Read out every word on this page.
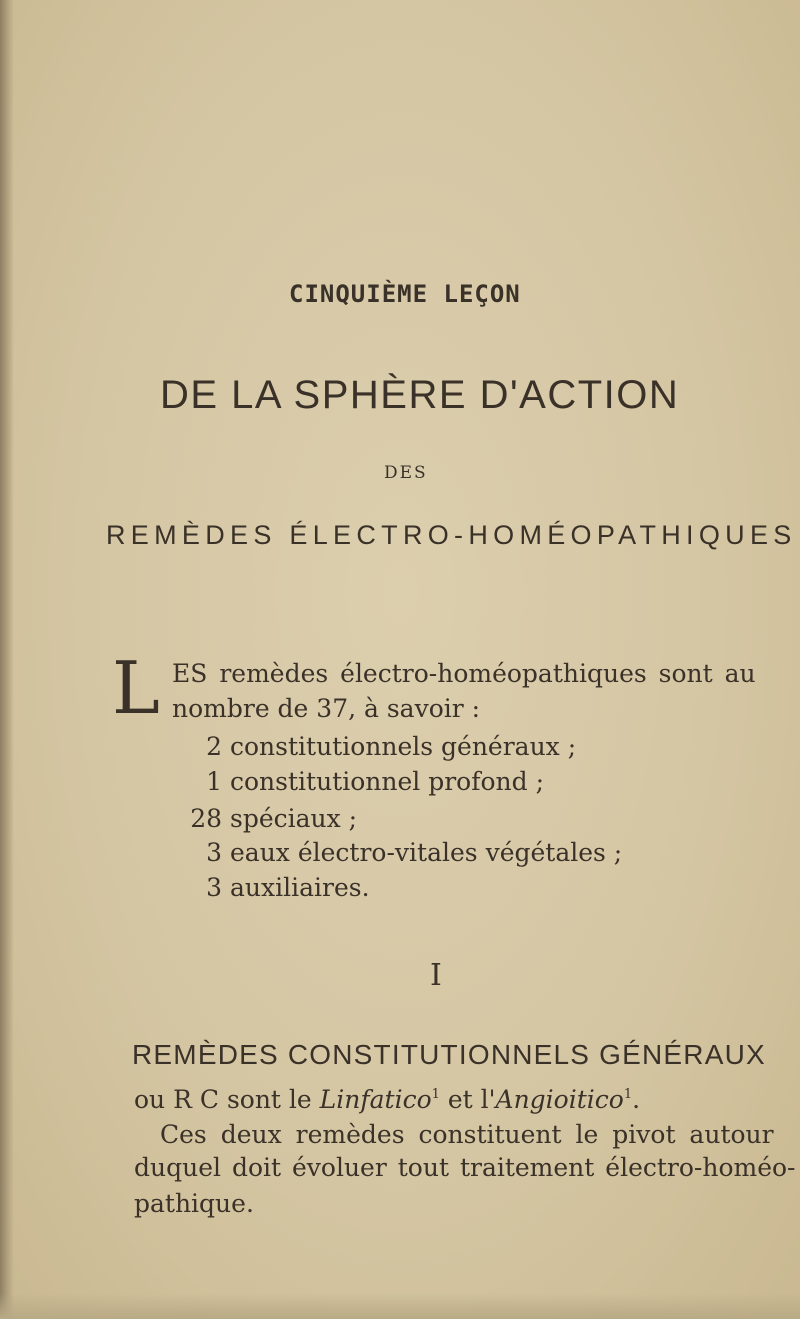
CINQUIÈME LEÇON
DE LA SPHÈRE D'ACTION
DES
REMÈDES ÉLECTRO-HOMÉOPATHIQUES
L ES remèdes électro-homéopathiques sont au
nombre de 37, à savoir :
2 constitutionnels généraux ;
1 constitutionnel profond ;
28 spéciaux ;
3 eaux électro-vitales végétales ;
3 auxiliaires.
I
REMÈDES CONSTITUTIONNELS GÉNÉRAUX
ou R C sont le Linfatico$^1$ et l'Angioitico$^1$.
Ces deux remèdes constituent le pivot autour
duquel doit évoluer tout traitement électro-homéo-
pathique.
